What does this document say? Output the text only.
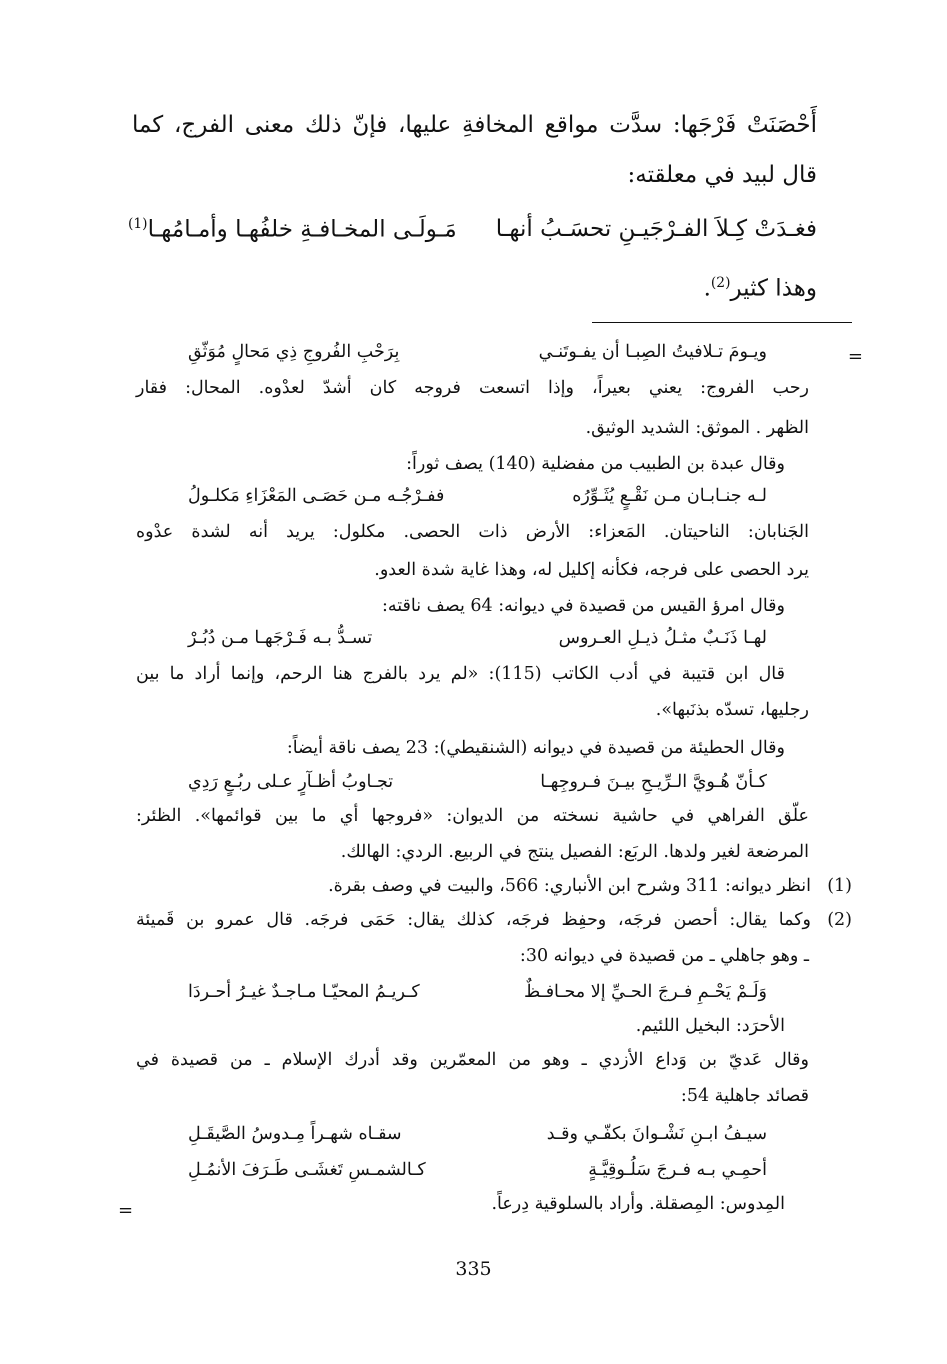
أَحْصَنَتْ فَرْجَها: سدَّت مواقع المخافةِ عليها، فإنّ ذلك معنى الفرج، كما
قال لبيد في معلقته:
فغـدَتْ كِـلاَ الفـرْجَيـنِ تحسَـبُ أنهـا
مَـولَـى المخـافـةِ خلفُهـا وأمـامُهـا$^{(1)}$
وهذا كثير$^{(2)}$.
=
ويـومَ تـلافيتُ الصِبـا أن يفـوتَنـي
بِرَحْبِ الفُروجِ ذِي مَحالٍ مُوَثّقِ
رحب الفروج: يعني بعيراً، وإذا اتسعت فروجه كان أشدّ لعدْوه. المحال: فقار
الظهر . الموثق: الشديد الوثيق.
وقال عبدة بن الطبيب من مفضلية (140) يصف ثوراً:
لـه جنـابـان مـن نَقْـعٍ يُثَـوِّرُه
ففـرْجُـه مـن حَصَـى المَعْزَاءِ مَكلـولُ
الجَنابان: الناحيتان. المَعزاء: الأرض ذات الحصى. مكلول: يريد أنه لشدة عدْوه
يرد الحصى على فرجه، فكأنه إكليل له، وهذا غاية شدة العدو.
وقال امرؤ القيس من قصيدة في ديوانه: 64 يصف ناقته:
لهـا ذَنَـبٌ مثـلُ ذيـلِ العـروس
تسـدُّ بـه فَـرْجَهـا مـن دُبُـرْ
قال ابن قتيبة في أدب الكاتب (115): «لم يرد بالفرج هنا الرحم، وإنما أراد ما بين
رجليها، تسدّه بذنَبها».
وقال الحطيئة من قصيدة في ديوانه (الشنقيطي): 23 يصف ناقة أيضاً:
كـأنّ هُـويَّ الـرِّيـحِ بيـنَ فـروجِهـا
تجـاوبُ أظـآرٍ عـلى ربُـعٍ رَدِي
علّق الفراهي في حاشية نسخته من الديوان: «فروجها أي ما بين قوائمها». الظئر:
المرضعة لغير ولدها. الربَع: الفصيل ينتج في الربيع. الردي: الهالك.
(1)
انظر ديوانه: 311 وشرح ابن الأنباري: 566، والبيت في وصف بقرة.
(2)
وكما يقال: أحصن فرجَه، وحفِظ فرجَه، كذلك يقال: حَمَى فرجَه. قال عمرو بن قَميئة
ـ وهو جاهلي ـ من قصيدة في ديوانه 30:
وَلَـمْ يَحْـمِ فـرجَ الحـيِّ إلا محـافـظٌ
كـريـمُ المحيّـا مـاجـدٌ غيـرُ أحـردَا
الأحرَد: البخيل اللئيم.
وقال عَديّ بن وَداع الأزدي ـ وهو من المعمّرين وقد أدرك الإسلام ـ من قصيدة في
قصائد جاهلية 54:
سيـفُ ابـنِ نَشْـوانَ بكفّـي وقـد
سقـاه شهـراً مِـدوسُ الصَّيقَـلِ
أحمِـي بـه فـرجَ سَلُـوقِيَّـةٍ
كـالشمـسِ تَغشَـى طَـرَفَ الأنمُـلِ
المِدوس: المِصقلة. وأراد بالسلوقية دِرعاً.
=
335
